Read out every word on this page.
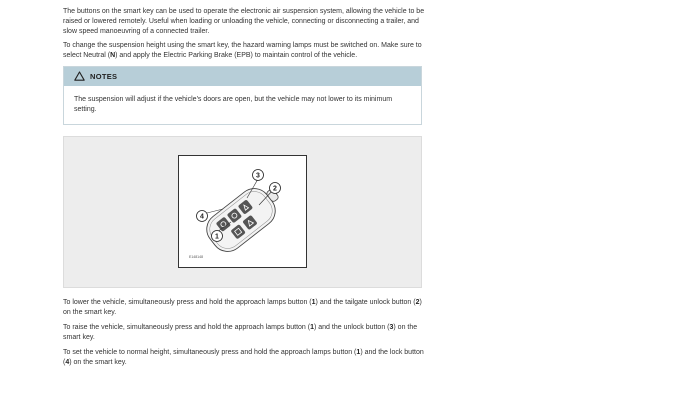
The buttons on the smart key can be used to operate the electronic air suspension system, allowing the vehicle to be raised or lowered remotely. Useful when loading or unloading the vehicle, connecting or disconnecting a trailer, and slow speed manoeuvring of a connected trailer.

To change the suspension height using the smart key, the hazard warning lamps must be switched on. Make sure to select Neutral (N) and apply the Electric Parking Brake (EPB) to maintain control of the vehicle.

NOTES
The suspension will adjust if the vehicle's doors are open, but the vehicle may not lower to its minimum setting.
3
2
4
1
E148148

To lower the vehicle, simultaneously press and hold the approach lamps button (1) and the tailgate unlock button (2) on the smart key.

To raise the vehicle, simultaneously press and hold the approach lamps button (1) and the unlock button (3) on the smart key.

To set the vehicle to normal height, simultaneously press and hold the approach lamps button (1) and the lock button (4) on the smart key.
